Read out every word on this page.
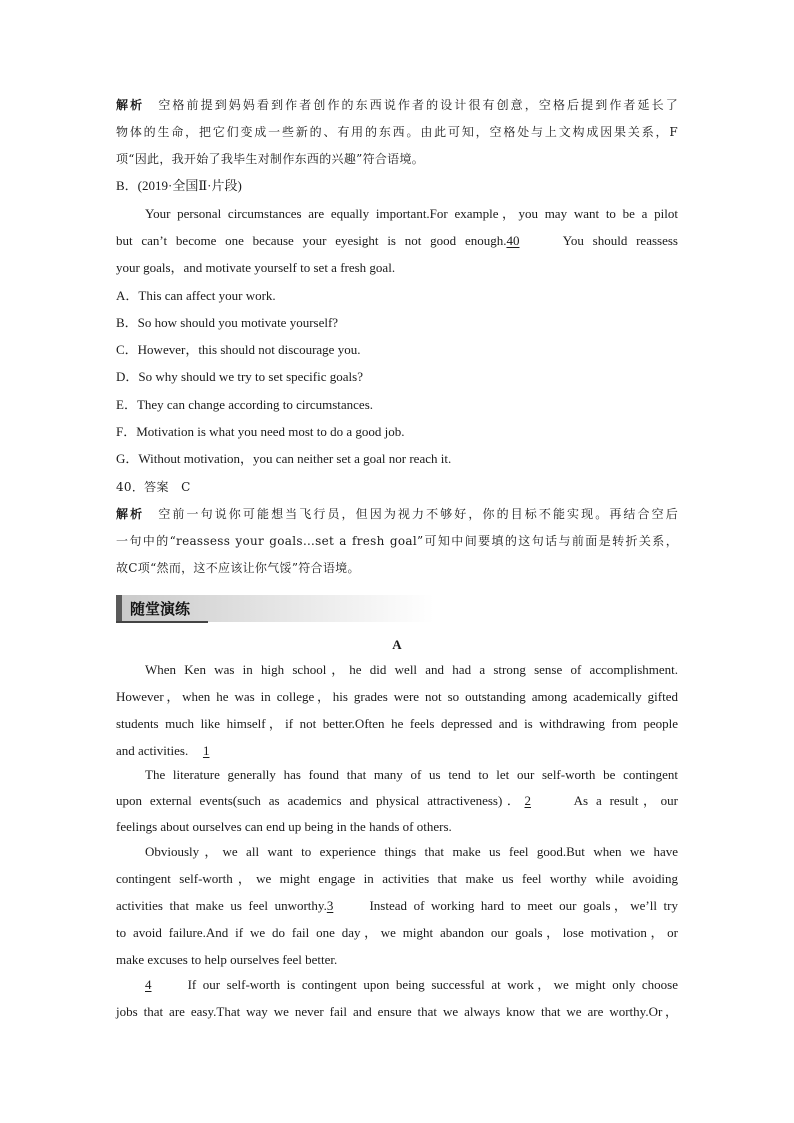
解析　 空格前提到妈妈看到作者创作的东西说作者的设计很有创意，空格后提到作者延长了

物体的生命，把它们变成一些新的、有用的东西。由此可知，空格处与上文构成因果关系，F

项“因此，我开始了我毕生对制作东西的兴趣”符合语境。

B．(2019·全国Ⅱ·片段)

Your personal circumstances are equally important.For example，you may want to be a pilot

but can’t become one because your eyesight is not good enough.40	You should reassess

your goals，and motivate yourself to set a fresh goal.

A．This can affect your work.

B．So how should you motivate yourself?

C．However，this should not discourage you.

D．So why should we try to set specific goals?

E．They can change according to circumstances.

F．Motivation is what you need most to do a good job.

G．Without motivation，you can neither set a goal nor reach it.

40．答案　C

解析　 空前一句说你可能想当飞行员，但因为视力不够好，你的目标不能实现。再结合空后

一句中的“reassess your goals…set a fresh goal”可知中间要填的这句话与前面是转折关系，

故C项“然而，这不应该让你气馁”符合语境。

随堂演练
A

When Ken was in high school，he did well and had a strong sense of accomplishment.

However，when he was in college，his grades were not so outstanding among academically gifted

students much like himself，if not better.Often he feels depressed and is withdrawing from people

and activities. 1

The literature generally has found that many of us tend to let our self-worth be contingent

upon external events(such as academics and physical attractiveness)．2	As a result，our

feelings about ourselves can end up being in the hands of others.

Obviously，we all want to experience things that make us feel good.But when we have

contingent self-worth，we might engage in activities that make us feel worthy while avoiding

activities that make us feel unworthy.3	Instead of working hard to meet our goals，we’ll try

to avoid failure.And if we do fail one day，we might abandon our goals，lose motivation，or

make excuses to help ourselves feel better.

4	If our self-worth is contingent upon being successful at work，we might only choose

jobs that are easy.That way we never fail and ensure that we always know that we are worthy.Or，
